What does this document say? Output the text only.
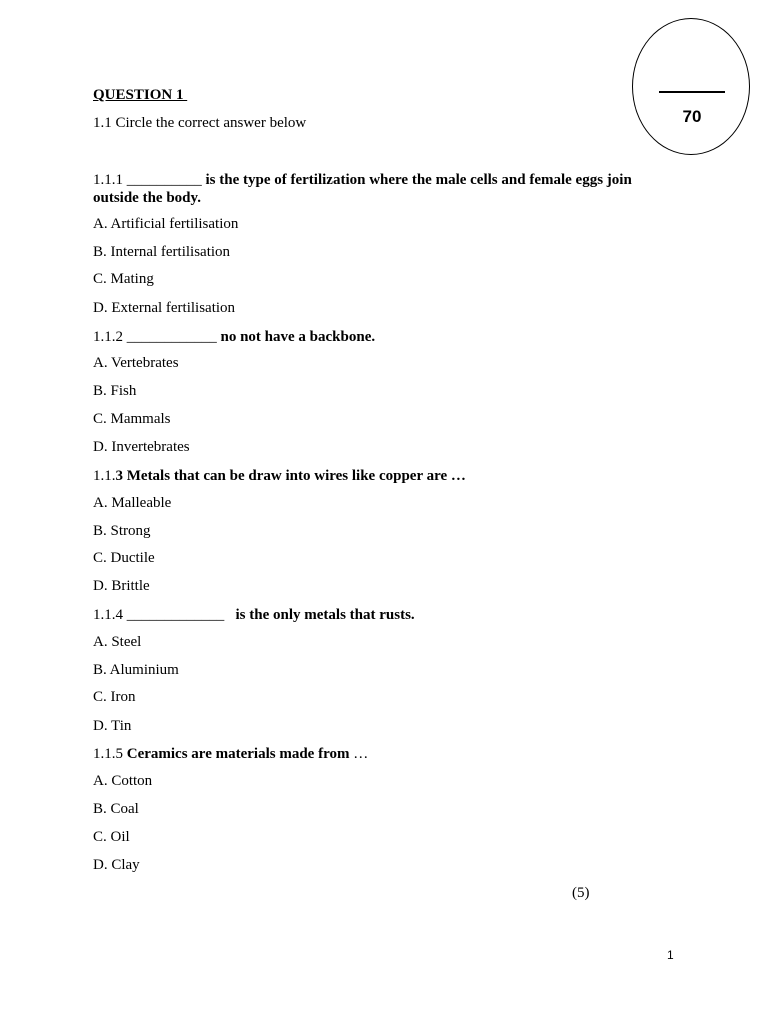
70
QUESTION 1
1.1 Circle the correct answer below
1.1.1 __________ is the type of fertilization where the male cells and female eggs join outside the body.
A. Artificial fertilisation
B. Internal fertilisation
C. Mating
D. External fertilisation
1.1.2 ____________ no not have a backbone.
A. Vertebrates
B. Fish
C. Mammals
D. Invertebrates
1.1.3 Metals that can be draw into wires like copper are …
A. Malleable
B. Strong
C. Ductile
D. Brittle
1.1.4 _____________ is the only metals that rusts.
A. Steel
B. Aluminium
C. Iron
D. Tin
1.1.5 Ceramics are materials made from …
A. Cotton
B. Coal
C. Oil
D. Clay
(5)
1
